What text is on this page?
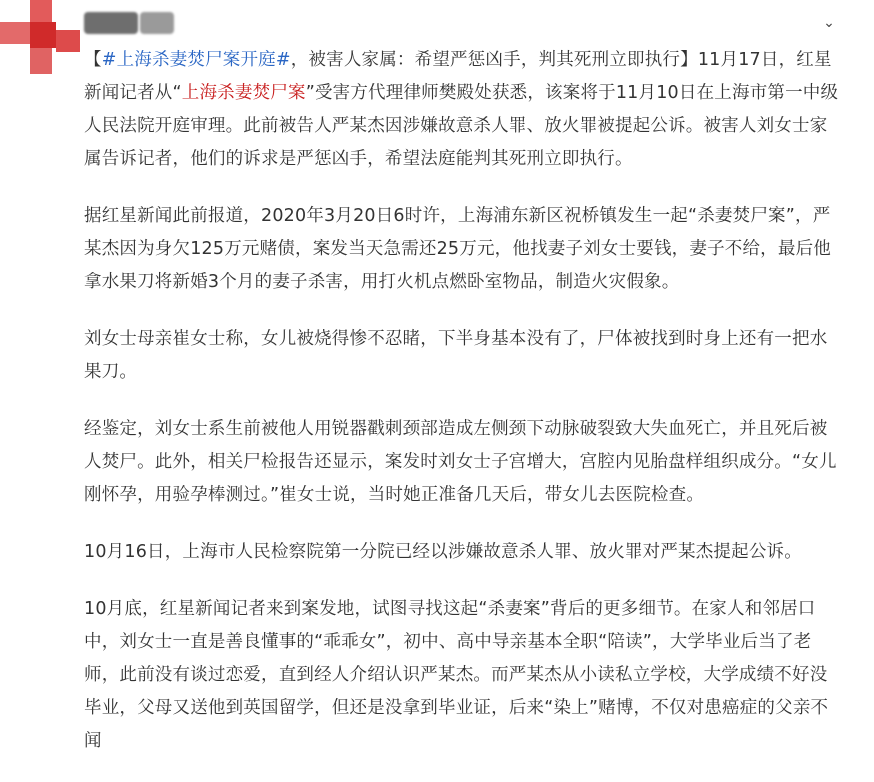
⌄

【#上海杀妻焚尸案开庭#，被害人家属：希望严惩凶手，判其死刑立即执行】11月17日，红星新闻记者从“上海杀妻焚尸案”受害方代理律师樊殿处获悉，该案将于11月10日在上海市第一中级人民法院开庭审理。此前被告人严某杰因涉嫌故意杀人罪、放火罪被提起公诉。被害人刘女士家属告诉记者，他们的诉求是严惩凶手，希望法庭能判其死刑立即执行。

据红星新闻此前报道，2020年3月20日6时许，上海浦东新区祝桥镇发生一起“杀妻焚尸案”，严某杰因为身欠125万元赌债，案发当天急需还25万元，他找妻子刘女士要钱，妻子不给，最后他拿水果刀将新婚3个月的妻子杀害，用打火机点燃卧室物品，制造火灾假象。

刘女士母亲崔女士称，女儿被烧得惨不忍睹，下半身基本没有了，尸体被找到时身上还有一把水果刀。

经鉴定，刘女士系生前被他人用锐器戳刺颈部造成左侧颈下动脉破裂致大失血死亡，并且死后被人焚尸。此外，相关尸检报告还显示，案发时刘女士子宫增大，宫腔内见胎盘样组织成分。“女儿刚怀孕，用验孕棒测过。”崔女士说，当时她正准备几天后，带女儿去医院检查。

10月16日，上海市人民检察院第一分院已经以涉嫌故意杀人罪、放火罪对严某杰提起公诉。

10月底，红星新闻记者来到案发地，试图寻找这起“杀妻案”背后的更多细节。在家人和邻居口中，刘女士一直是善良懂事的“乖乖女”，初中、高中导亲基本全职“陪读”，大学毕业后当了老师，此前没有谈过恋爱，直到经人介绍认识严某杰。而严某杰从小读私立学校，大学成绩不好没毕业，父母又送他到英国留学，但还是没拿到毕业证，后来“染上”赌博，不仅对患癌症的父亲不闻
